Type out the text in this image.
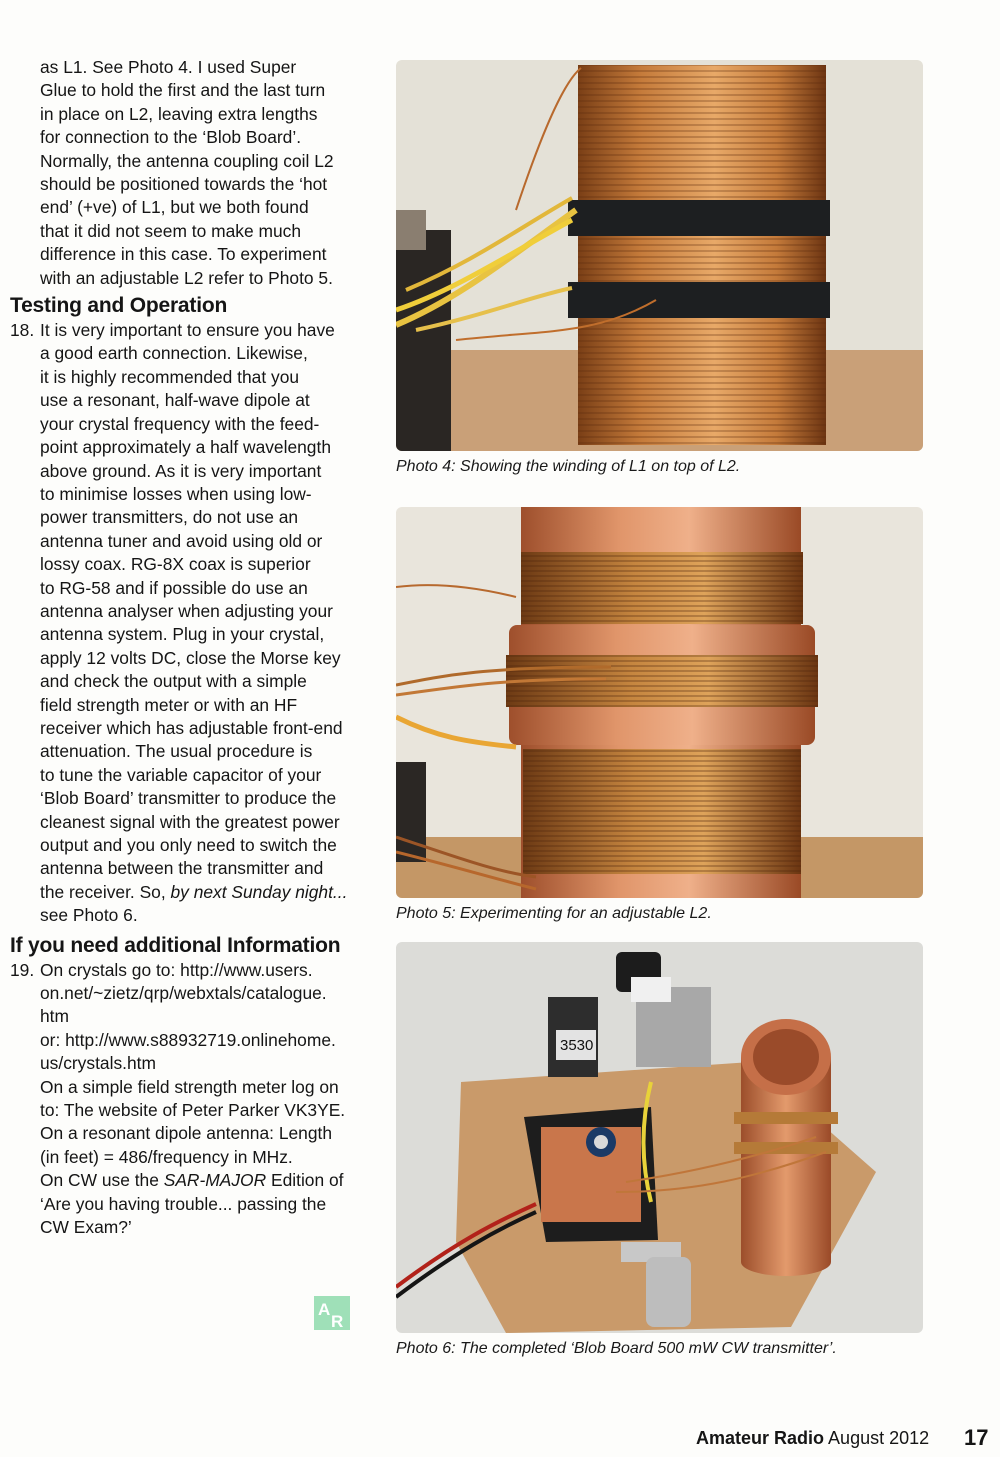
as L1. See Photo 4. I used Super
Glue to hold the first and the last turn
in place on L2, leaving extra lengths
for connection to the ‘Blob Board’.
Normally, the antenna coupling coil L2
should be positioned towards the ‘hot
end’ (+ve) of L1, but we both found
that it did not seem to make much
difference in this case. To experiment
with an adjustable L2 refer to Photo 5.
Testing and Operation
18. It is very important to ensure you have
a good earth connection. Likewise,
it is highly recommended that you
use a resonant, half-wave dipole at
your crystal frequency with the feed-
point approximately a half wavelength
above ground. As it is very important
to minimise losses when using low-
power transmitters, do not use an
antenna tuner and avoid using old or
lossy coax. RG-8X coax is superior
to RG-58 and if possible do use an
antenna analyser when adjusting your
antenna system. Plug in your crystal,
apply 12 volts DC, close the Morse key
and check the output with a simple
field strength meter or with an HF
receiver which has adjustable front-end
attenuation. The usual procedure is
to tune the variable capacitor of your
‘Blob Board’ transmitter to produce the
cleanest signal with the greatest power
output and you only need to switch the
antenna between the transmitter and
the receiver. So, by next Sunday night...
see Photo 6.
If you need additional Information
19. On crystals go to: http://www.users.
on.net/~zietz/qrp/webxtals/catalogue.
htm
or: http://www.s88932719.onlinehome.
us/crystals.htm
On a simple field strength meter log on
to: The website of Peter Parker VK3YE.
On a resonant dipole antenna: Length
(in feet) = 486/frequency in MHz.
On CW use the SAR-MAJOR Edition of
‘Are you having trouble... passing the
CW Exam?’
A
R
Photo 4: Showing the winding of L1 on top of L2.
Photo 5: Experimenting for an adjustable L2.
3530
Photo 6: The completed ‘Blob Board 500 mW CW transmitter’.
Amateur Radio August 2012 17
